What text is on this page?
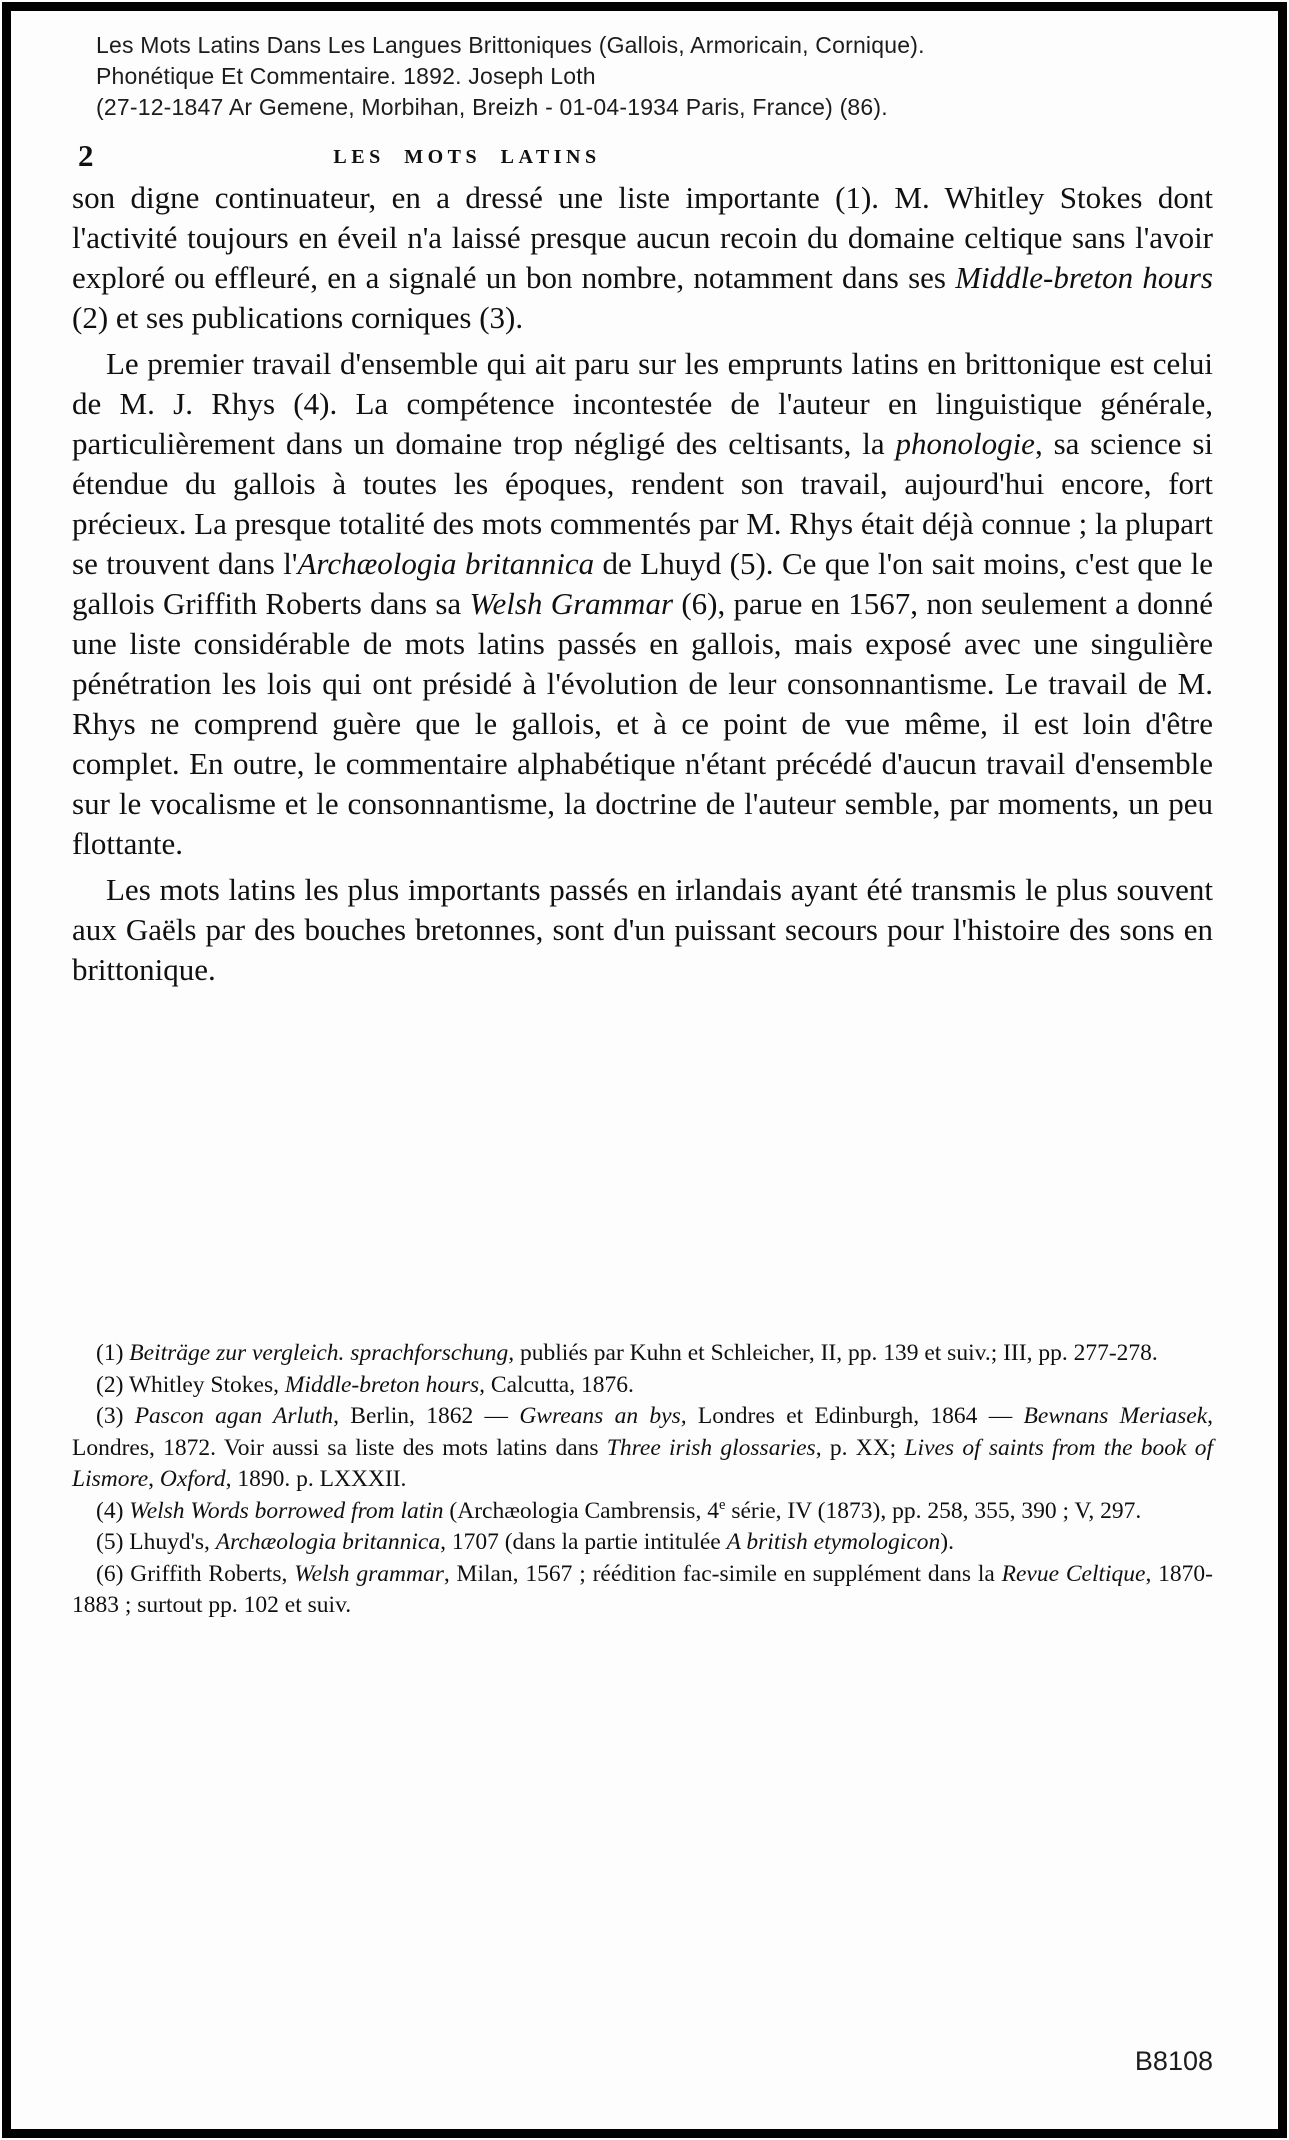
Les Mots Latins Dans Les Langues Brittoniques (Gallois, Armoricain, Cornique).
Phonétique Et Commentaire. 1892. Joseph Loth
(27-12-1847 Ar Gemene, Morbihan, Breizh - 01-04-1934 Paris, France) (86).
2	LES MOTS LATINS

son digne continuateur, en a dressé une liste importante (1). M. Whitley Stokes dont l'activité toujours en éveil n'a laissé presque aucun recoin du domaine celtique sans l'avoir exploré ou effleuré, en a signalé un bon nombre, notamment dans ses Middle-breton hours (2) et ses publications corniques (3).

Le premier travail d'ensemble qui ait paru sur les emprunts latins en brittonique est celui de M. J. Rhys (4). La compétence incontestée de l'auteur en linguistique générale, particulièrement dans un domaine trop négligé des celtisants, la phonologie, sa science si étendue du gallois à toutes les époques, rendent son travail, aujourd'hui encore, fort précieux. La presque totalité des mots commentés par M. Rhys était déjà connue ; la plupart se trouvent dans l'Archæologia britannica de Lhuyd (5). Ce que l'on sait moins, c'est que le gallois Griffith Roberts dans sa Welsh Grammar (6), parue en 1567, non seulement a donné une liste considérable de mots latins passés en gallois, mais exposé avec une singulière pénétration les lois qui ont présidé à l'évolution de leur consonnantisme. Le travail de M. Rhys ne comprend guère que le gallois, et à ce point de vue même, il est loin d'être complet. En outre, le commentaire alphabétique n'étant précédé d'aucun travail d'ensemble sur le vocalisme et le consonnantisme, la doctrine de l'auteur semble, par moments, un peu flottante.

Les mots latins les plus importants passés en irlandais ayant été transmis le plus souvent aux Gaëls par des bouches bretonnes, sont d'un puissant secours pour l'histoire des sons en brittonique.

(1) Beiträge zur vergleich. sprachforschung, publiés par Kuhn et Schleicher, II, pp. 139 et suiv.; III, pp. 277-278.

(2) Whitley Stokes, Middle-breton hours, Calcutta, 1876.

(3) Pascon agan Arluth, Berlin, 1862 — Gwreans an bys, Londres et Edinburgh, 1864 — Bewnans Meriasek, Londres, 1872. Voir aussi sa liste des mots latins dans Three irish glossaries, p. XX; Lives of saints from the book of Lismore, Oxford, 1890. p. LXXXII.

(4) Welsh Words borrowed from latin (Archæologia Cambrensis, 4e série, IV (1873), pp. 258, 355, 390 ; V, 297.

(5) Lhuyd's, Archæologia britannica, 1707 (dans la partie intitulée A british etymologicon).

(6) Griffith Roberts, Welsh grammar, Milan, 1567 ; réédition fac-simile en supplément dans la Revue Celtique, 1870-1883 ; surtout pp. 102 et suiv.

B8108
